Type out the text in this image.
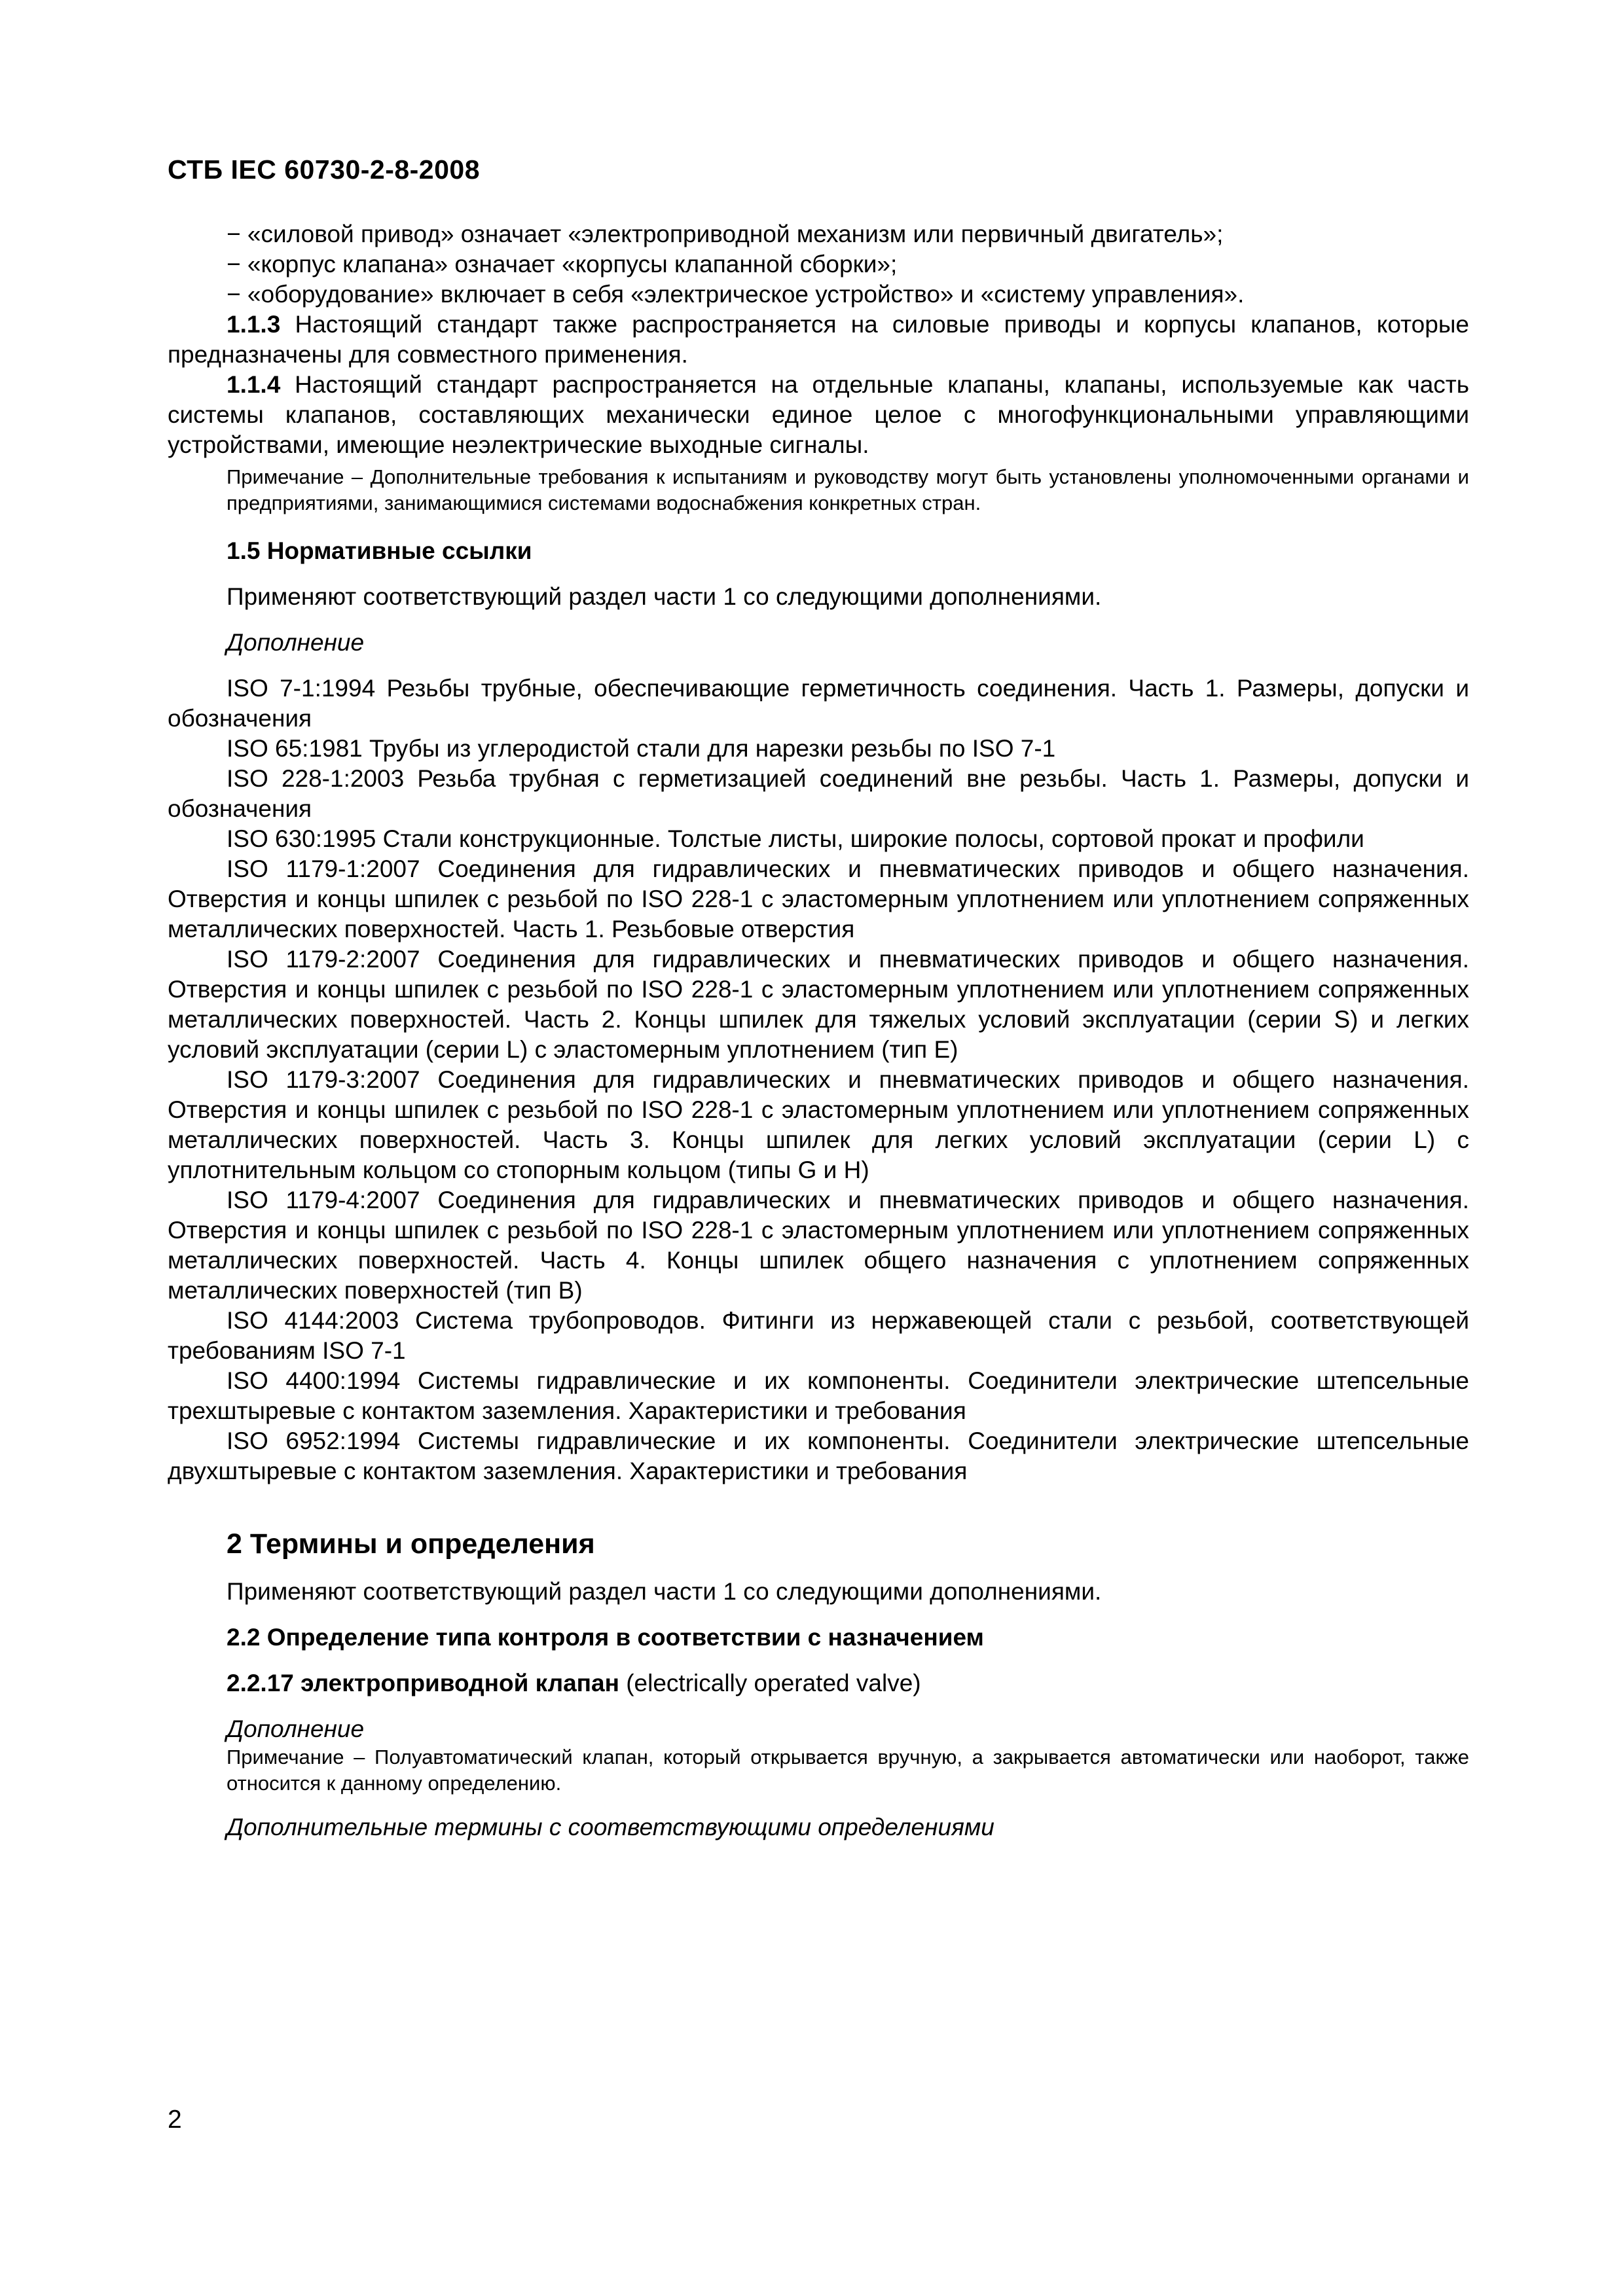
СТБ IEC 60730-2-8-2008

− «силовой привод» означает «электроприводной механизм или первичный двигатель»;

− «корпус клапана» означает «корпусы клапанной сборки»;

− «оборудование» включает в себя «электрическое устройство» и «систему управления».

1.1.3 Настоящий стандарт также распространяется на силовые приводы и корпусы клапанов, которые предназначены для совместного применения.

1.1.4 Настоящий стандарт распространяется на отдельные клапаны, клапаны, используемые как часть системы клапанов, составляющих механически единое целое с многофункциональными управляющими устройствами, имеющие неэлектрические выходные сигналы.

Примечание – Дополнительные требования к испытаниям и руководству могут быть установлены уполномоченными органами и предприятиями, занимающимися системами водоснабжения конкретных стран.

1.5 Нормативные ссылки

Применяют соответствующий раздел части 1 со следующими дополнениями.

Дополнение

ISO 7-1:1994 Резьбы трубные, обеспечивающие герметичность соединения. Часть 1. Размеры, допуски и обозначения

ISO 65:1981 Трубы из углеродистой стали для нарезки резьбы по ISO 7-1

ISO 228-1:2003 Резьба трубная с герметизацией соединений вне резьбы. Часть 1. Размеры, допуски и обозначения

ISO 630:1995 Стали конструкционные. Толстые листы, широкие полосы, сортовой прокат и профили

ISO 1179-1:2007 Соединения для гидравлических и пневматических приводов и общего назначения. Отверстия и концы шпилек с резьбой по ISO 228-1 с эластомерным уплотнением или уплотнением сопряженных металлических поверхностей. Часть 1. Резьбовые отверстия

ISO 1179-2:2007 Соединения для гидравлических и пневматических приводов и общего назначения. Отверстия и концы шпилек с резьбой по ISO 228-1 с эластомерным уплотнением или уплотнением сопряженных металлических поверхностей. Часть 2. Концы шпилек для тяжелых условий эксплуатации (серии S) и легких условий эксплуатации (серии L) с эластомерным уплотнением (тип E)

ISO 1179-3:2007 Соединения для гидравлических и пневматических приводов и общего назначения. Отверстия и концы шпилек с резьбой по ISO 228-1 с эластомерным уплотнением или уплотнением сопряженных металлических поверхностей. Часть 3. Концы шпилек для легких условий эксплуатации (серии L) с уплотнительным кольцом со стопорным кольцом (типы G и H)

ISO 1179-4:2007 Соединения для гидравлических и пневматических приводов и общего назначения. Отверстия и концы шпилек с резьбой по ISO 228-1 с эластомерным уплотнением или уплотнением сопряженных металлических поверхностей. Часть 4. Концы шпилек общего назначения с уплотнением сопряженных металлических поверхностей (тип B)

ISO 4144:2003 Система трубопроводов. Фитинги из нержавеющей стали с резьбой, соответствующей требованиям ISO 7-1

ISO 4400:1994 Системы гидравлические и их компоненты. Соединители электрические штепсельные трехштыревые с контактом заземления. Характеристики и требования

ISO 6952:1994 Системы гидравлические и их компоненты. Соединители электрические штепсельные двухштыревые с контактом заземления. Характеристики и требования

2 Термины и определения

Применяют соответствующий раздел части 1 со следующими дополнениями.

2.2 Определение типа контроля в соответствии с назначением

2.2.17 электроприводной клапан (electrically operated valve)

Дополнение

Примечание – Полуавтоматический клапан, который открывается вручную, а закрывается автоматически или наоборот, также относится к данному определению.

Дополнительные термины с соответствующими определениями

2
